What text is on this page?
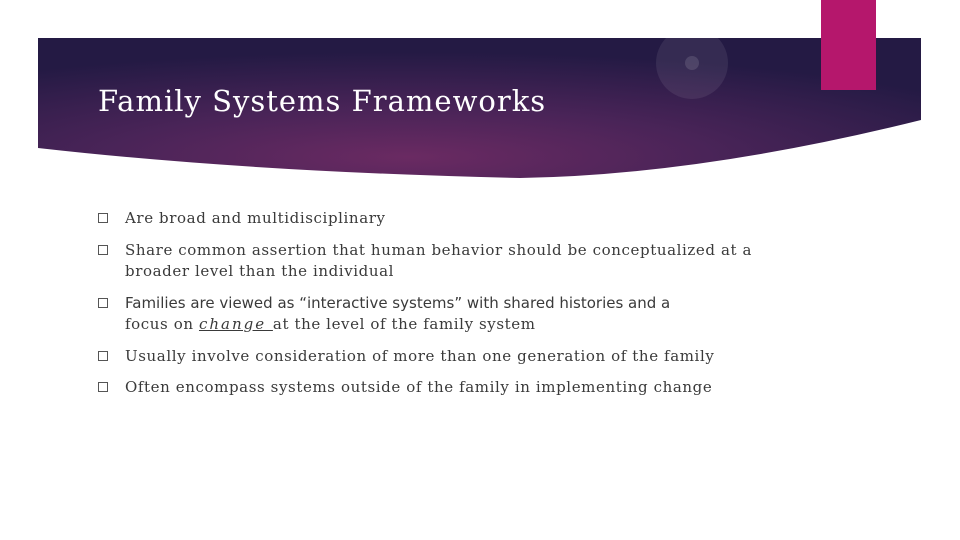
Family Systems Frameworks
Are broad and multidisciplinary
Share common assertion that human behavior should be conceptualized at a broader level than the individual
Families are viewed as “interactive systems” with shared histories and a
focus on change at the level of the family system
Usually involve consideration of more than one generation of the family
Often encompass systems outside of the family in implementing change
